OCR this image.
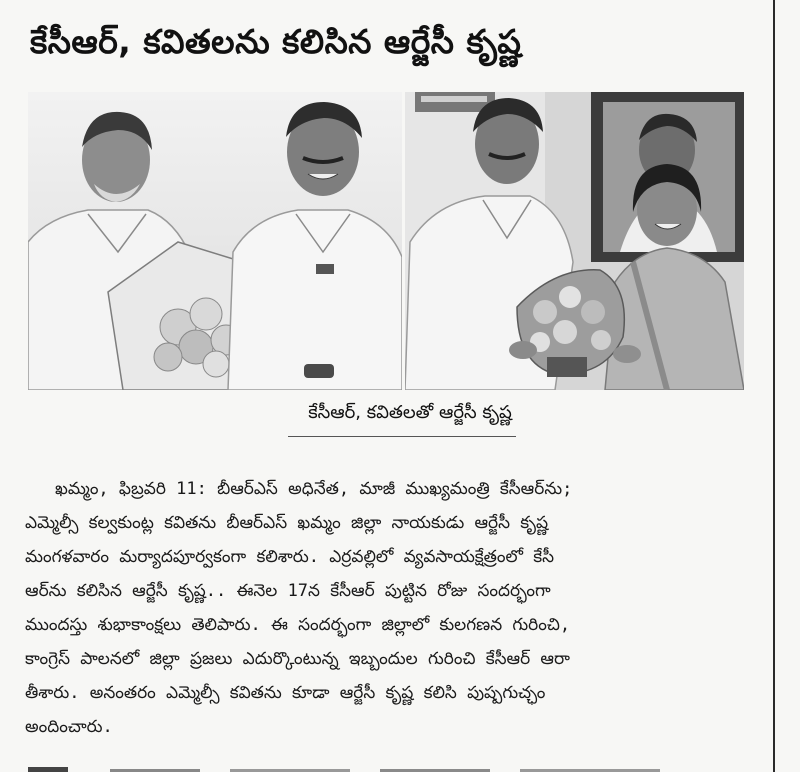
కేసీఆర్, కవితలను కలిసిన ఆర్జేసీ కృష్ణ
కేసీఆర్, కవితలతో ఆర్జేసీ కృష్ణ
ఖమ్మం, ఫిబ్రవరి 11: బీఆర్ఎస్ అధినేత, మాజీ ముఖ్యమంత్రి కేసీఆర్‌ను;
ఎమ్మెల్సీ కల్వకుంట్ల కవితను బీఆర్ఎస్ ఖమ్మం జిల్లా నాయకుడు ఆర్జేసీ కృష్ణ
మంగళవారం మర్యాదపూర్వకంగా కలిశారు. ఎర్రవల్లిలో వ్యవసాయక్షేత్రంలో కేసీ
ఆర్‌ను కలిసిన ఆర్జేసీ కృష్ణ.. ఈనెల 17న కేసీఆర్ పుట్టిన రోజు సందర్భంగా
ముందస్తు శుభాకాంక్షలు తెలిపారు. ఈ సందర్భంగా జిల్లాలో కులగణన గురించి,
కాంగ్రెస్ పాలనలో జిల్లా ప్రజలు ఎదుర్కొంటున్న ఇబ్బందుల గురించి కేసీఆర్ ఆరా
తీశారు. అనంతరం ఎమ్మెల్సీ కవితను కూడా ఆర్జేసీ కృష్ణ కలిసి పుష్పగుచ్ఛం
అందించారు.
